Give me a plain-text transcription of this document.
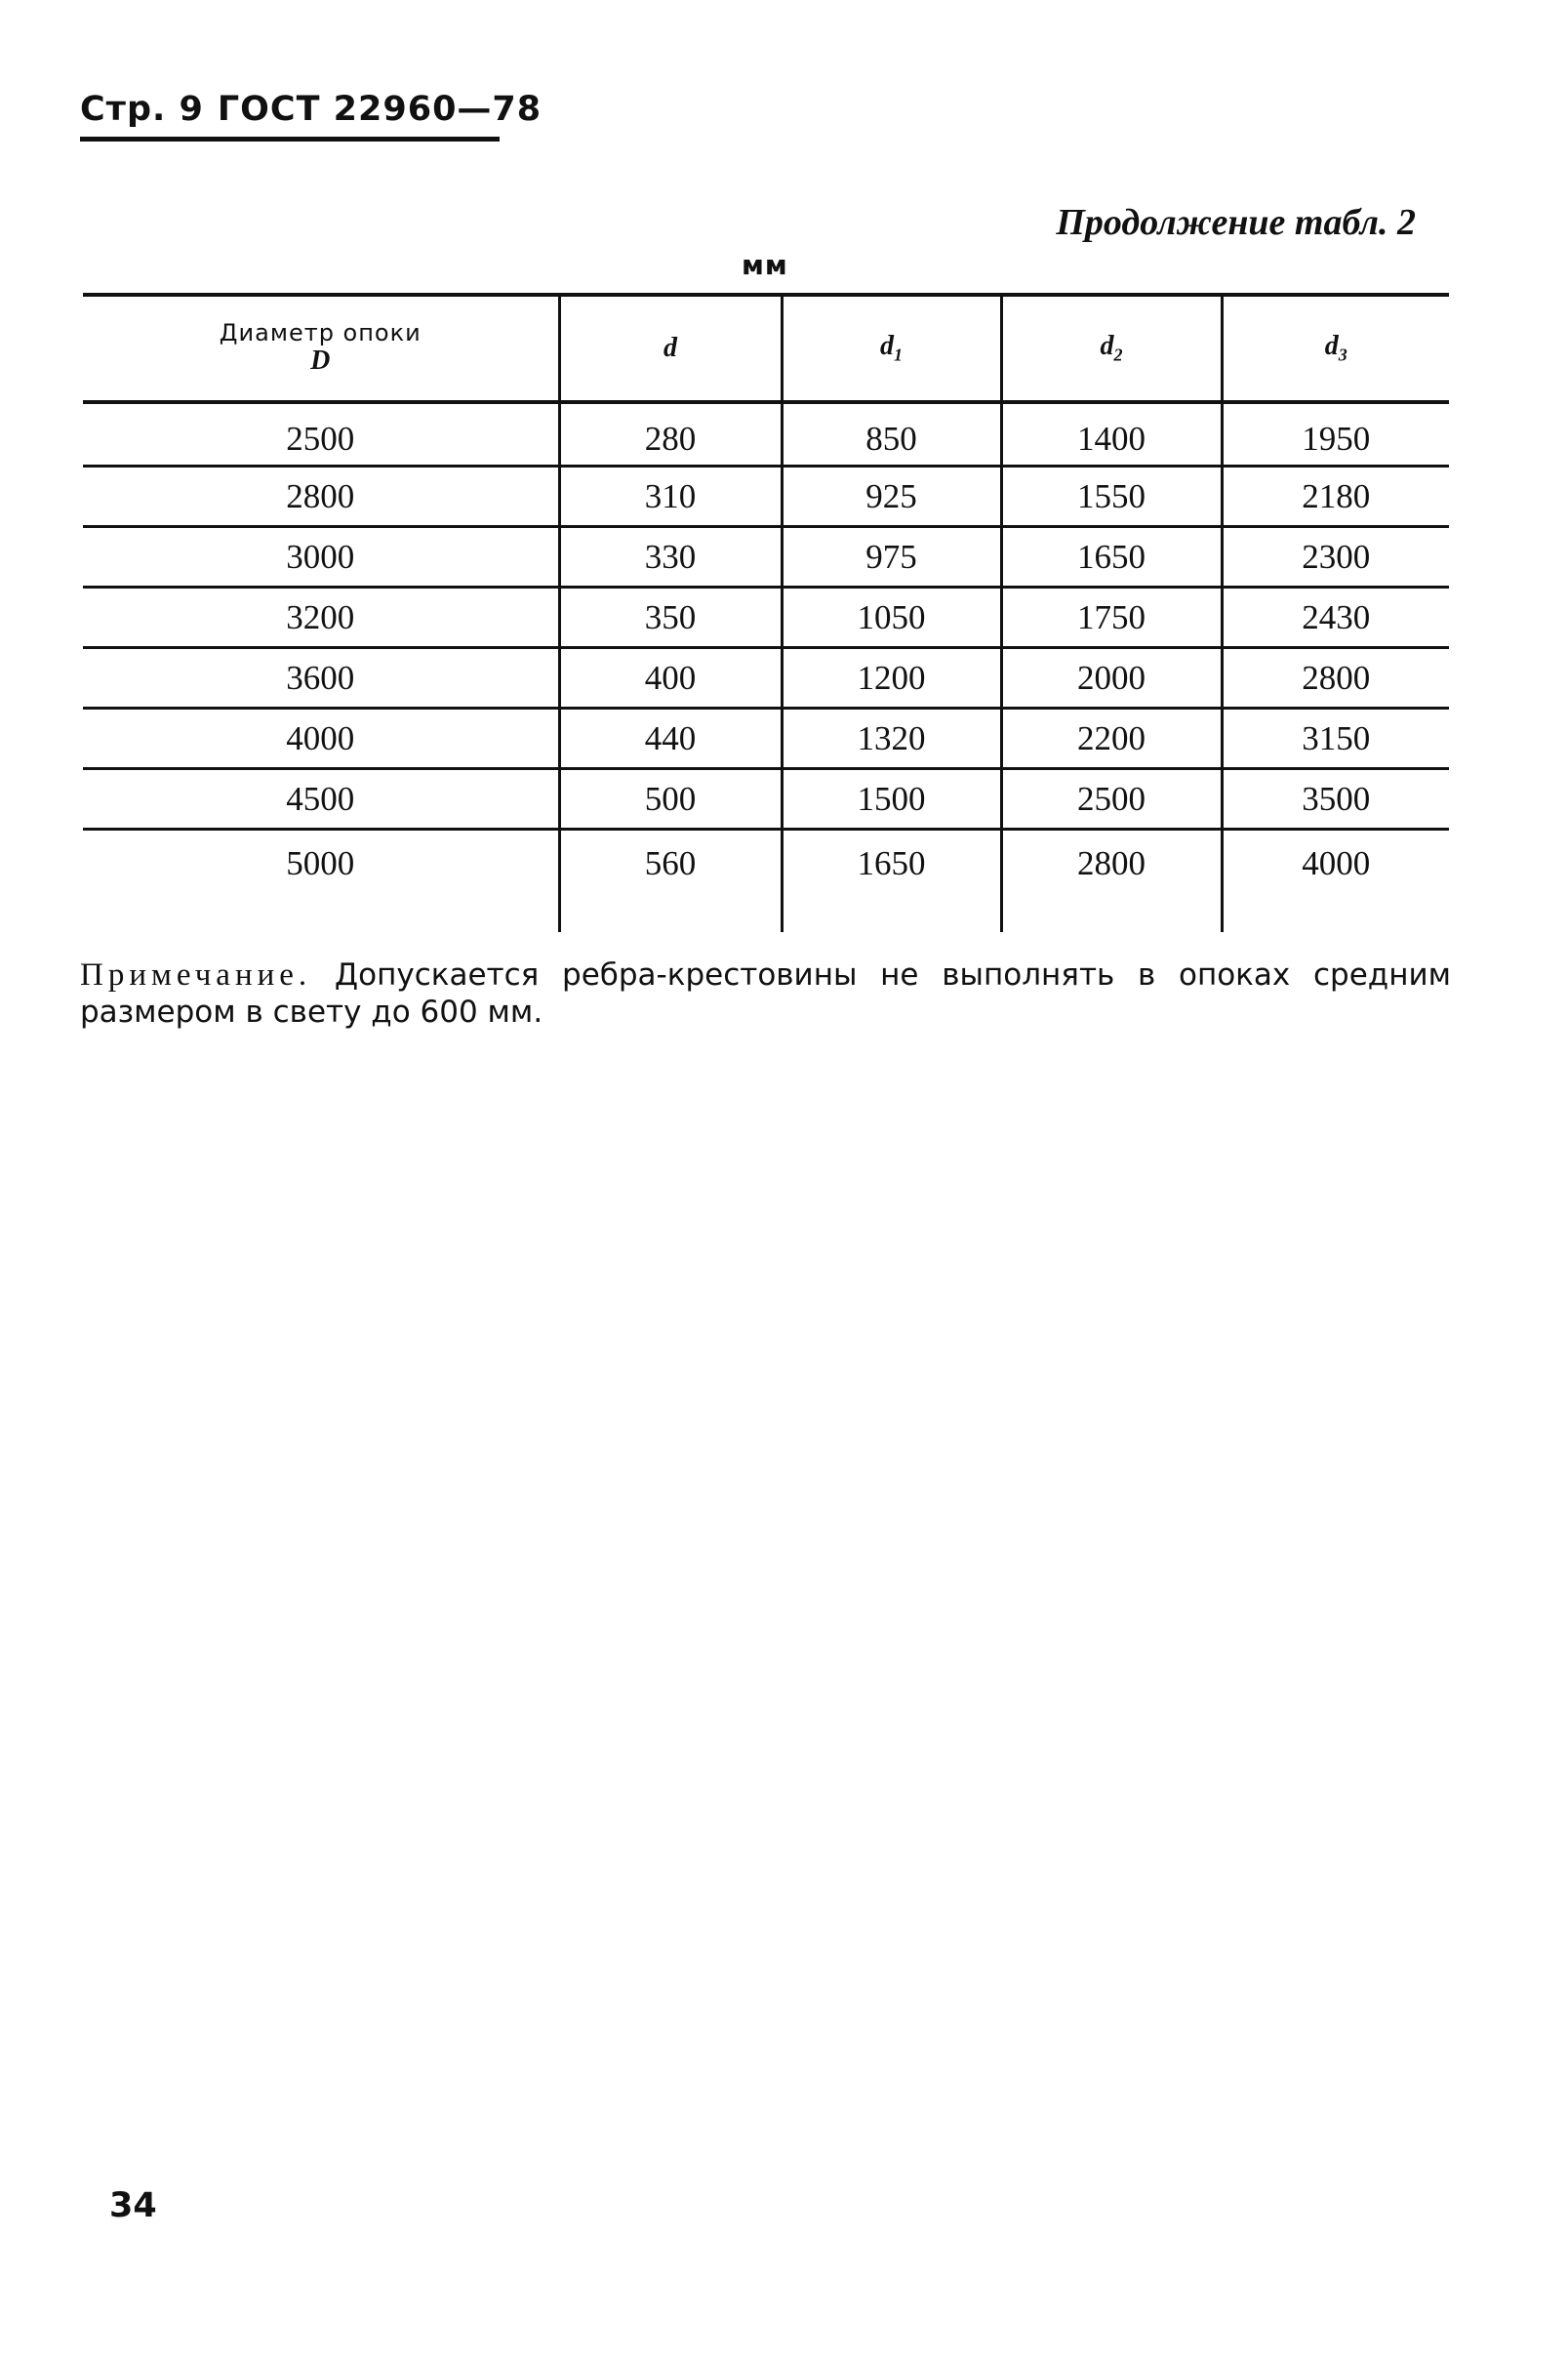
Стр. 9 ГОСТ 22960—78
Продолжение табл. 2
мм
Диаметр опоки
D	d	$d_1$	$d_2$	$d_3$
2500	280	850	1400	1950
2800	310	925	1550	2180
3000	330	975	1650	2300
3200	350	1050	1750	2430
3600	400	1200	2000	2800
4000	440	1320	2200	3150
4500	500	1500	2500	3500
5000	560	1650	2800	4000
Примечание. Допускается ребра-крестовины не выполнять в опоках средним размером в свету до 600 мм.
34
